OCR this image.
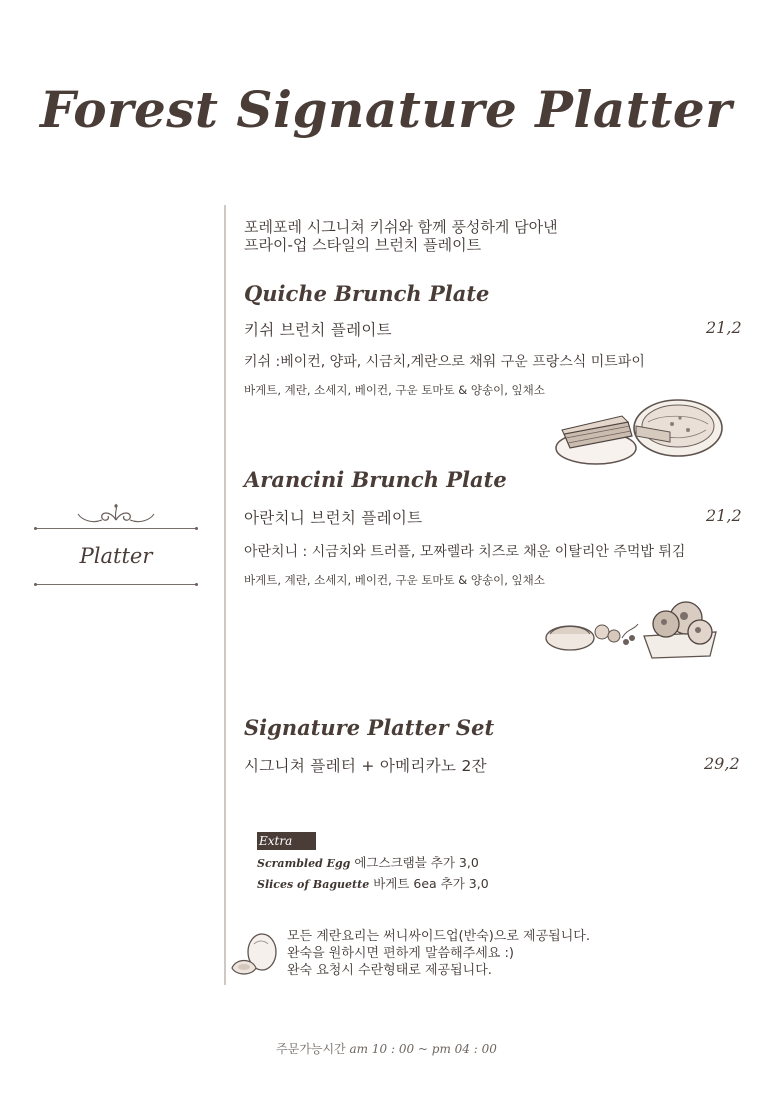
Forest Signature Platter
Platter
포레포레 시그니쳐 키쉬와 함께 풍성하게 담아낸
프라이-업 스타일의 브런치 플레이트
Quiche Brunch Plate
키쉬 브런치 플레이트	21,2
키쉬 :베이컨, 양파, 시금치,계란으로 채워 구운 프랑스식 미트파이
바게트, 계란, 소세지, 베이컨, 구운 토마토 & 양송이, 잎채소
Arancini Brunch Plate
아란치니 브런치 플레이트	21,2
아란치니 : 시금치와 트러플, 모짜렐라 치즈로 채운 이탈리안 주먹밥 튀김
바게트, 계란, 소세지, 베이컨, 구운 토마토 & 양송이, 잎채소
Signature Platter Set
시그니쳐 플레터 + 아메리카노 2잔	29,2
Extra
Scrambled Egg 에그스크램블 추가 3,0
Slices of Baguette 바게트 6ea 추가 3,0
모든 계란요리는 써니싸이드업(반숙)으로 제공됩니다.
완숙을 원하시면 편하게 말씀해주세요 :)
완숙 요청시 수란형태로 제공됩니다.
주문가능시간 am 10 : 00 ~ pm 04 : 00
